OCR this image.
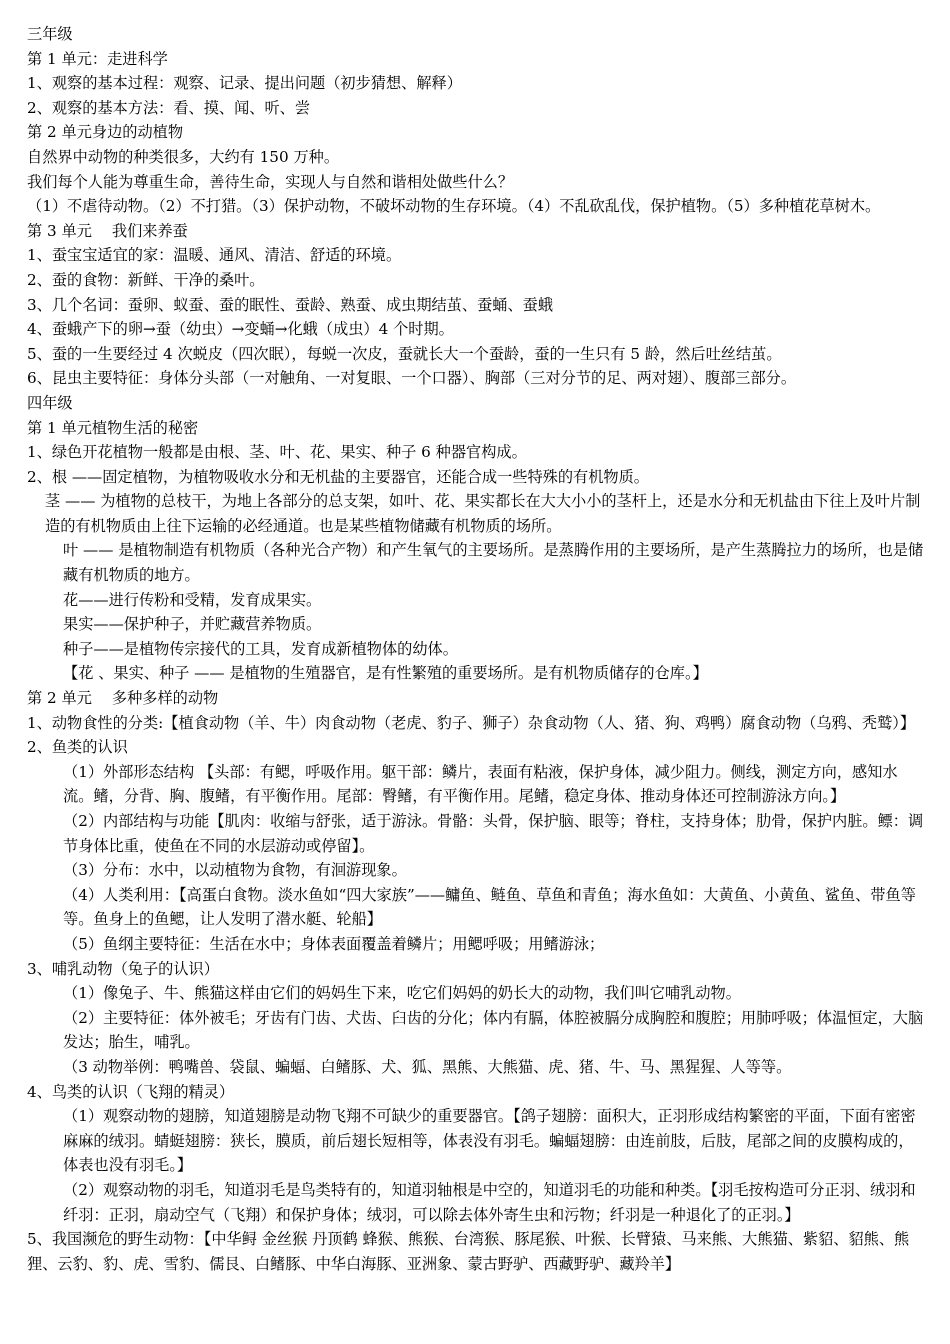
三年级
第 1 单元：走进科学
1、观察的基本过程：观察、记录、提出问题（初步猜想、解释）
2、观察的基本方法：看、摸、闻、听、尝
第 2 单元身边的动植物
自然界中动物的种类很多，大约有 150 万种。
我们每个人能为尊重生命，善待生命，实现人与自然和谐相处做些什么？
（1）不虐待动物。（2）不打猎。（3）保护动物，不破坏动物的生存环境。（4）不乱砍乱伐，保护植物。（5）多种植花草树木。
第 3 单元　 我们来养蚕
1、蚕宝宝适宜的家：温暖、通风、清洁、舒适的环境。
2、蚕的食物：新鲜、干净的桑叶。
3、几个名词：蚕卵、蚁蚕、蚕的眠性、蚕龄、熟蚕、成虫期结茧、蚕蛹、蚕蛾
4、蚕蛾产下的卵→蚕（幼虫）→变蛹→化蛾（成虫）4 个时期。
5、蚕的一生要经过 4 次蜕皮（四次眠），每蜕一次皮，蚕就长大一个蚕龄，蚕的一生只有 5 龄，然后吐丝结茧。
6、昆虫主要特征：身体分头部（一对触角、一对复眼、一个口器）、胸部（三对分节的足、两对翅）、腹部三部分。
四年级
第 1 单元植物生活的秘密
1、绿色开花植物一般都是由根、茎、叶、花、果实、种子 6 种器官构成。
2、根 ——固定植物，为植物吸收水分和无机盐的主要器官，还能合成一些特殊的有机物质。
茎 —— 为植物的总枝干，为地上各部分的总支架，如叶、花、果实都长在大大小小的茎杆上，还是水分和无机盐由下往上及叶片制造的有机物质由上往下运输的必经通道。也是某些植物储藏有机物质的场所。
叶 —— 是植物制造有机物质（各种光合产物）和产生氧气的主要场所。是蒸腾作用的主要场所，是产生蒸腾拉力的场所，也是储藏有机物质的地方。
花——进行传粉和受精，发育成果实。
果实——保护种子，并贮藏营养物质。
种子——是植物传宗接代的工具，发育成新植物体的幼体。
【花 、果实、种子 —— 是植物的生殖器官，是有性繁殖的重要场所。是有机物质储存的仓库。】
第 2 单元　 多种多样的动物
1、动物食性的分类:【植食动物（羊、牛）肉食动物（老虎、豹子、狮子）杂食动物（人、猪、狗、鸡鸭）腐食动物（乌鸦、秃鹫）】
2、鱼类的认识
（1）外部形态结构 【头部：有鳃，呼吸作用。躯干部：鳞片，表面有粘液，保护身体，减少阻力。侧线，测定方向，感知水流。鳍，分背、胸、腹鳍，有平衡作用。尾部：臀鳍，有平衡作用。尾鳍，稳定身体、推动身体还可控制游泳方向。】
（2）内部结构与功能【肌肉：收缩与舒张，适于游泳。骨骼：头骨，保护脑、眼等；脊柱，支持身体；肋骨，保护内脏。鳔：调节身体比重，使鱼在不同的水层游动或停留】。
（3）分布：水中，以动植物为食物，有洄游现象。
（4）人类利用：【高蛋白食物。淡水鱼如“四大家族”——鳙鱼、鲢鱼、草鱼和青鱼；海水鱼如：大黄鱼、小黄鱼、鲨鱼、带鱼等等。鱼身上的鱼鳃，让人发明了潜水艇、轮船】
（5）鱼纲主要特征：生活在水中；身体表面覆盖着鳞片；用鳃呼吸；用鳍游泳；
3、哺乳动物（兔子的认识）
（1）像兔子、牛、熊猫这样由它们的妈妈生下来，吃它们妈妈的奶长大的动物，我们叫它哺乳动物。
（2）主要特征：体外被毛；牙齿有门齿、犬齿、臼齿的分化；体内有膈，体腔被膈分成胸腔和腹腔；用肺呼吸；体温恒定，大脑发达；胎生，哺乳。
（3 动物举例：鸭嘴兽、袋鼠、蝙蝠、白鳍豚、犬、狐、黑熊、大熊猫、虎、猪、牛、马、黑猩猩、人等等。
4、鸟类的认识（飞翔的精灵）
（1）观察动物的翅膀，知道翅膀是动物飞翔不可缺少的重要器官。【鸽子翅膀：面积大，正羽形成结构繁密的平面，下面有密密麻麻的绒羽。蜻蜓翅膀：狭长，膜质，前后翅长短相等，体表没有羽毛。蝙蝠翅膀：由连前肢，后肢，尾部之间的皮膜构成的，体表也没有羽毛。】
（2）观察动物的羽毛，知道羽毛是鸟类特有的，知道羽轴根是中空的，知道羽毛的功能和种类。【羽毛按构造可分正羽、绒羽和纤羽：正羽，扇动空气（飞翔）和保护身体；绒羽，可以除去体外寄生虫和污物；纤羽是一种退化了的正羽。】
5、我国濒危的野生动物：【中华鲟 金丝猴 丹顶鹤 蜂猴、熊猴、台湾猴、豚尾猴、叶猴、长臂猿、马来熊、大熊猫、紫貂、貂熊、熊狸、云豹、豹、虎、雪豹、儒艮、白鳍豚、中华白海豚、亚洲象、蒙古野驴、西藏野驴、藏羚羊】
